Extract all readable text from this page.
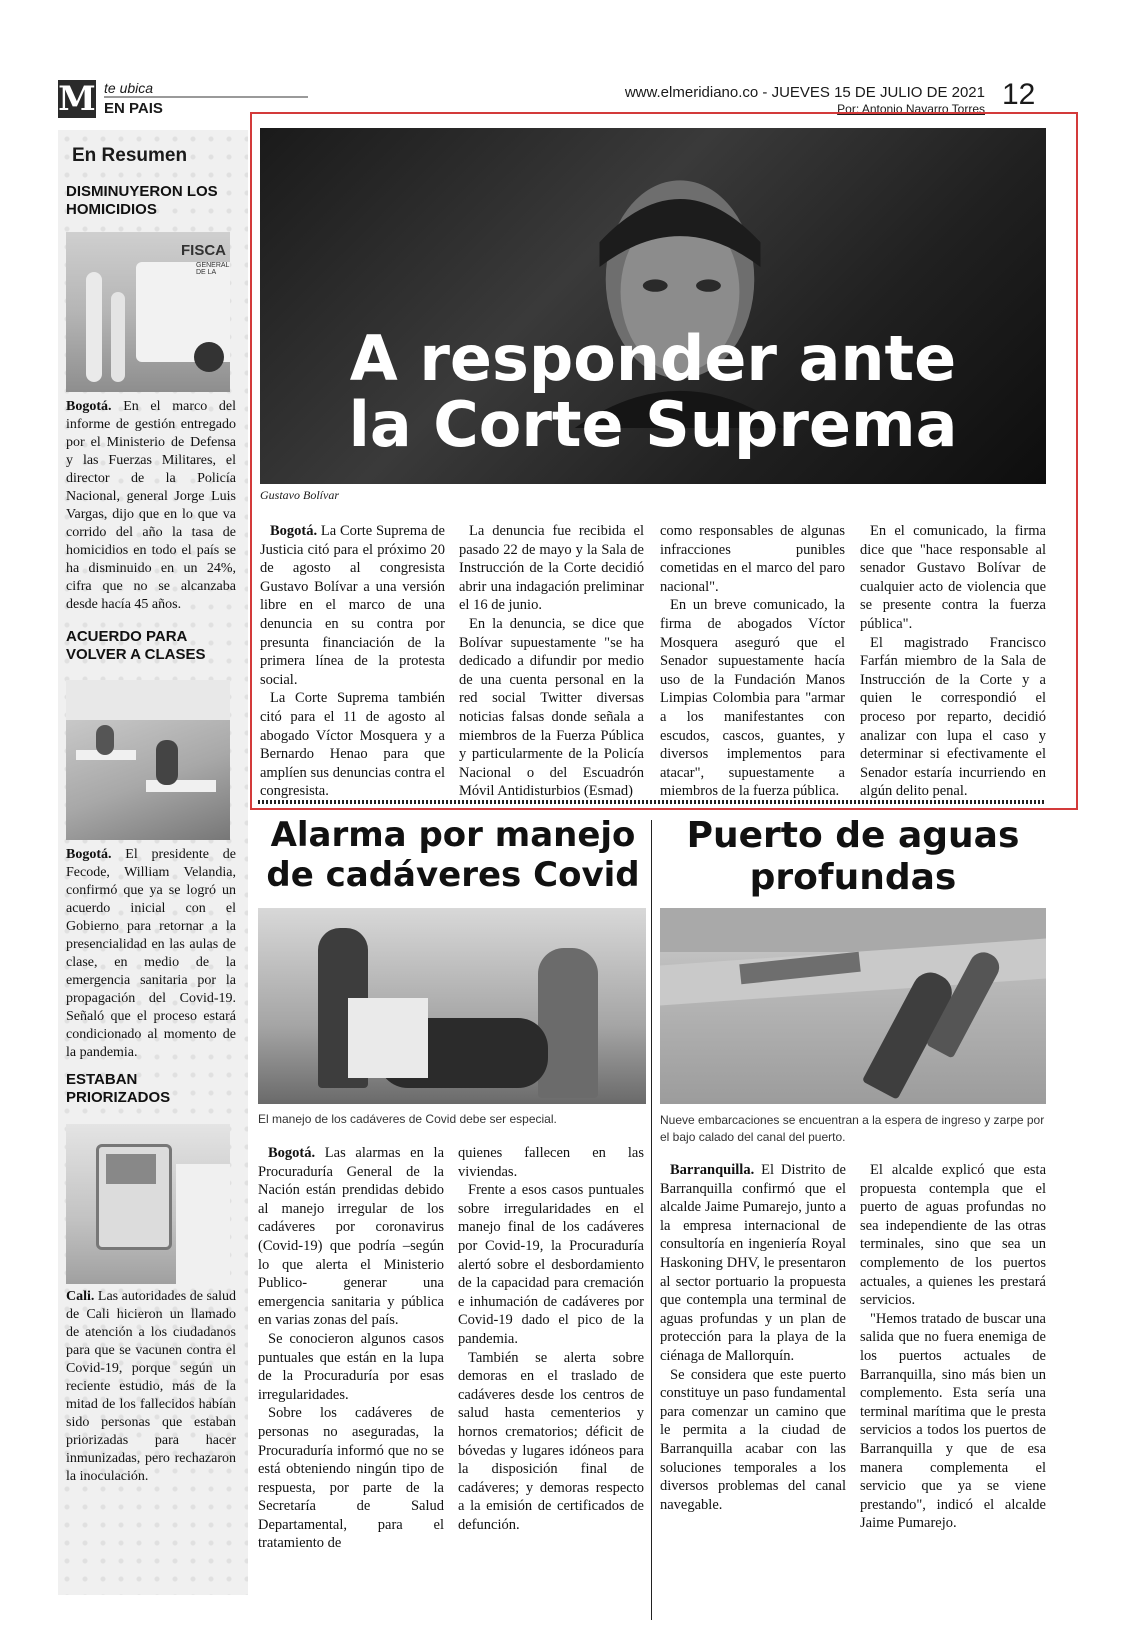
M te ubica
EN PAIS
www.elmeridiano.co - JUEVES 15 DE JULIO DE 2021
Por: Antonio Navarro Torres 12
En Resumen
DISMINUYERON LOS HOMICIDIOS
FISCA
GENERAL DE LA
Bogotá. En el marco del informe de gestión entregado por el Ministerio de Defensa y las Fuerzas Militares, el director de la Policía Nacional, general Jorge Luis Vargas, dijo que en lo que va corrido del año la tasa de homicidios en todo el país se ha disminuido en un 24%, cifra que no se alcanzaba desde hacía 45 años.
ACUERDO PARA VOLVER A CLASES
Bogotá. El presidente de Fecode, William Velandia, confirmó que ya se logró un acuerdo inicial con el Gobierno para retornar a la presencialidad en las aulas de clase, en medio de la emergencia sanitaria por la propagación del Covid-19. Señaló que el proceso estará condicionado al momento de la pandemia.
ESTABAN PRIORIZADOS
Cali. Las autoridades de salud de Cali hicieron un llamado de atención a los ciudadanos para que se vacunen contra el Covid-19, porque según un reciente estudio, más de la mitad de los fallecidos habían sido personas que estaban priorizadas para hacer inmunizadas, pero rechazaron la inoculación.
A responder ante
la Corte Suprema
Gustavo Bolívar
Bogotá. La Corte Suprema de Justicia citó para el próximo 20 de agosto al congresista Gustavo Bolívar a una versión libre en el marco de una denuncia en su contra por presunta financiación de la primera línea de la protesta social.
La Corte Suprema también citó para el 11 de agosto al abogado Víctor Mosquera y a Bernardo Henao para que amplíen sus denuncias contra el congresista.
La denuncia fue recibida el pasado 22 de mayo y la Sala de Instrucción de la Corte decidió abrir una indagación preliminar el 16 de junio.
En la denuncia, se dice que Bolívar supuestamente "se ha dedicado a difundir por medio de una cuenta personal en la red social Twitter diversas noticias falsas donde señala a miembros de la Fuerza Pública y particularmente de la Policía Nacional o del Escuadrón Móvil Antidisturbios (Esmad)
como responsables de algunas infracciones punibles cometidas en el marco del paro nacional".
En un breve comunicado, la firma de abogados Víctor Mosquera aseguró que el Senador supuestamente hacía uso de la Fundación Manos Limpias Colombia para "armar a los manifestantes con escudos, cascos, guantes, y diversos implementos para atacar", supuestamente a miembros de la fuerza pública.
En el comunicado, la firma dice que "hace responsable al senador Gustavo Bolívar de cualquier acto de violencia que se presente contra la fuerza pública".
El magistrado Francisco Farfán miembro de la Sala de Instrucción de la Corte y a quien le correspondió el proceso por reparto, decidió analizar con lupa el caso y determinar si efectivamente el Senador estaría incurriendo en algún delito penal.
Alarma por manejo
de cadáveres Covid
El manejo de los cadáveres de Covid debe ser especial.
Bogotá. Las alarmas en la Procuraduría General de la Nación están prendidas debido al manejo irregular de los cadáveres por coronavirus (Covid-19) que podría –según lo que alerta el Ministerio Publico- generar una emergencia sanitaria y pública en varias zonas del país.
Se conocieron algunos casos puntuales que están en la lupa de la Procuraduría por esas irregularidades.
Sobre los cadáveres de personas no aseguradas, la Procuraduría informó que no se está obteniendo ningún tipo de respuesta, por parte de la Secretaría de Salud Departamental, para el tratamiento de
quienes fallecen en las viviendas.
Frente a esos casos puntuales sobre irregularidades en el manejo final de los cadáveres por Covid-19, la Procuraduría alertó sobre el desbordamiento de la capacidad para cremación e inhumación de cadáveres por Covid-19 dado el pico de la pandemia.
También se alerta sobre demoras en el traslado de cadáveres desde los centros de salud hasta cementerios y hornos crematorios; déficit de bóvedas y lugares idóneos para la disposición final de cadáveres; y demoras respecto a la emisión de certificados de defunción.
Puerto de aguas
profundas
Nueve embarcaciones se encuentran a la espera de ingreso y zarpe por el bajo calado del canal del puerto.
Barranquilla. El Distrito de Barranquilla confirmó que el alcalde Jaime Pumarejo, junto a la empresa internacional de consultoría en ingeniería Royal Haskoning DHV, le presentaron al sector portuario la propuesta que contempla una terminal de aguas profundas y un plan de protección para la playa de la ciénaga de Mallorquín.
Se considera que este puerto constituye un paso fundamental para comenzar un camino que le permita a la ciudad de Barranquilla acabar con las soluciones temporales a los diversos problemas del canal navegable.
El alcalde explicó que esta propuesta contempla que el puerto de aguas profundas no sea independiente de las otras terminales, sino que sea un complemento de los puertos actuales, a quienes les prestará servicios.
"Hemos tratado de buscar una salida que no fuera enemiga de los puertos actuales de Barranquilla, sino más bien un complemento. Esta sería una terminal marítima que le presta servicios a todos los puertos de Barranquilla y que de esa manera complementa el servicio que ya se viene prestando", indicó el alcalde Jaime Pumarejo.
